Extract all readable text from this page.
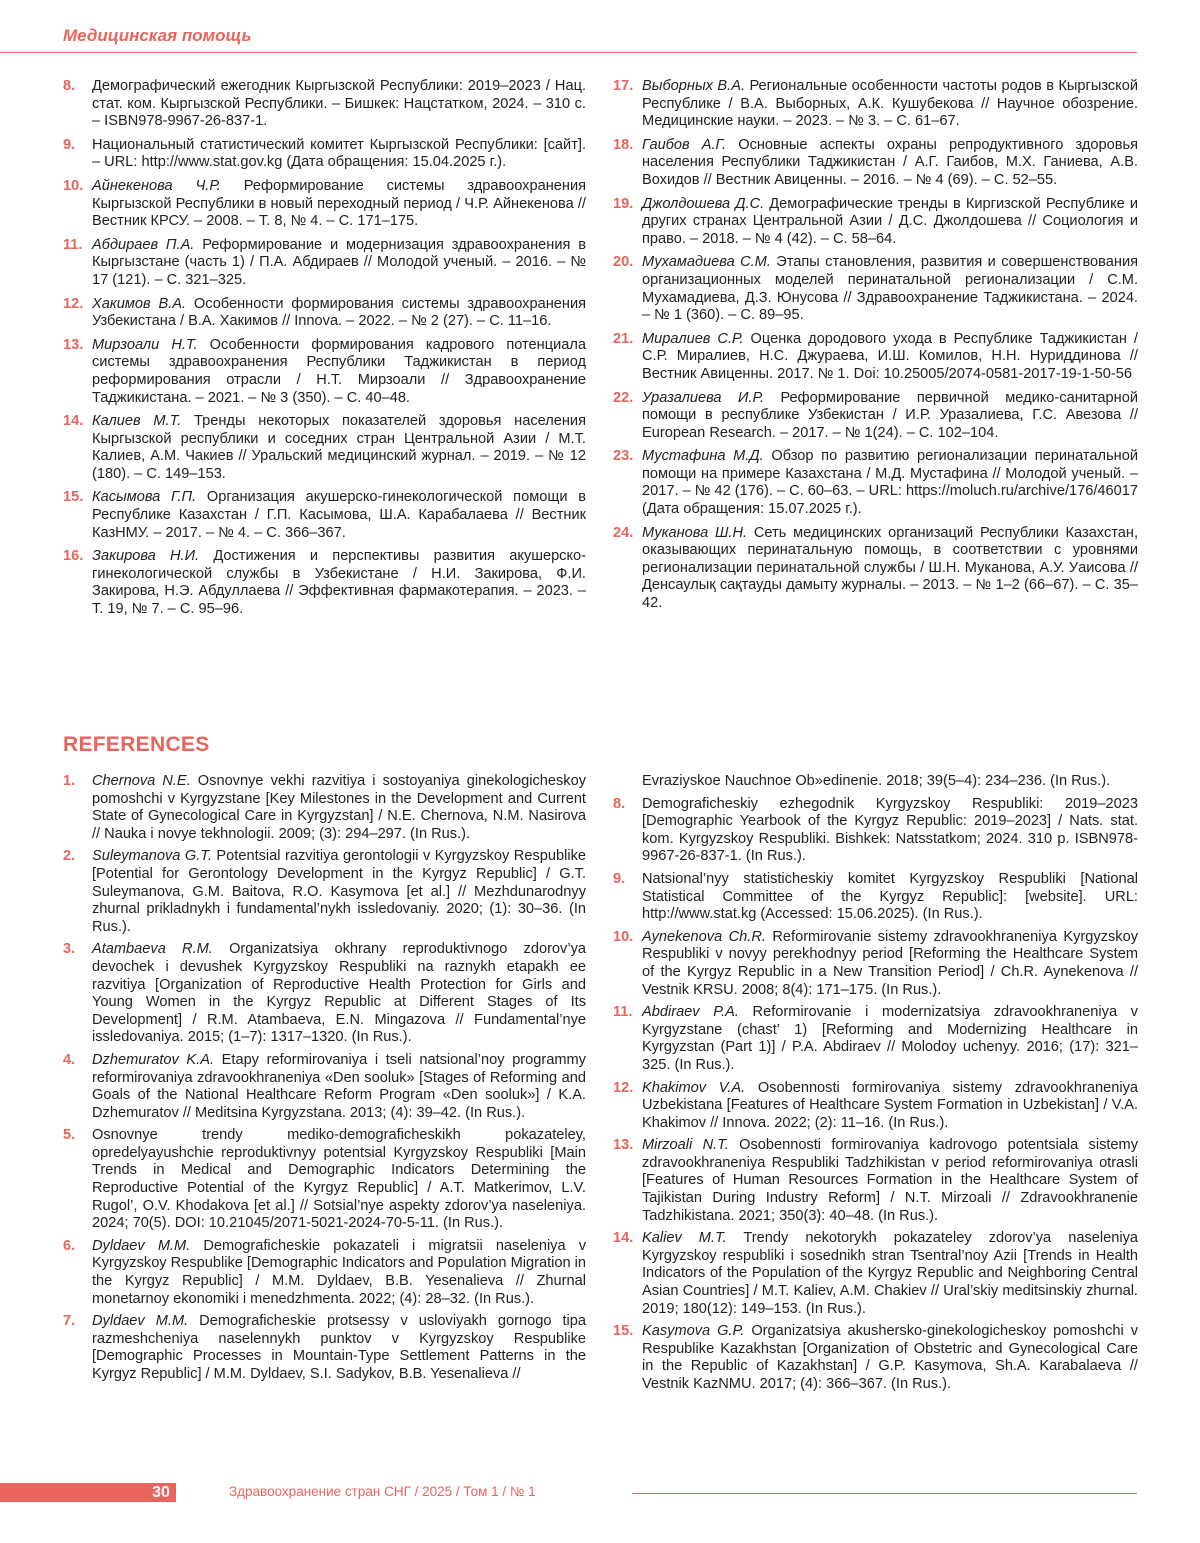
Медицинская помощь
8. Демографический ежегодник Кыргызской Республики: 2019–2023 / Нац. стат. ком. Кыргызской Республики. – Бишкек: Нацстатком, 2024. – 310 с. – ISBN978-9967-26-837-1.
9. Национальный статистический комитет Кыргызской Республики: [сайт]. – URL: http://www.stat.gov.kg (Дата обращения: 15.04.2025 г.).
10. Айнекенова Ч.Р. Реформирование системы здравоохранения Кыргызской Республики в новый переходный период / Ч.Р. Айнекенова // Вестник КРСУ. – 2008. – Т. 8, № 4. – С. 171–175.
11. Абдираев П.А. Реформирование и модернизация здравоохранения в Кыргызстане (часть 1) / П.А. Абдираев // Молодой ученый. – 2016. – № 17 (121). – С. 321–325.
12. Хакимов В.А. Особенности формирования системы здравоохранения Узбекистана / В.А. Хакимов // Innova. – 2022. – № 2 (27). – С. 11–16.
13. Мирзоали Н.Т. Особенности формирования кадрового потенциала системы здравоохранения Республики Таджикистан в период реформирования отрасли / Н.Т. Мирзоали // Здравоохранение Таджикистана. – 2021. – № 3 (350). – С. 40–48.
14. Калиев М.Т. Тренды некоторых показателей здоровья населения Кыргызской республики и соседних стран Центральной Азии / М.Т. Калиев, А.М. Чакиев // Уральский медицинский журнал. – 2019. – № 12 (180). – С. 149–153.
15. Касымова Г.П. Организация акушерско-гинекологической помощи в Республике Казахстан / Г.П. Касымова, Ш.А. Карабалаева // Вестник КазНМУ. – 2017. – № 4. – С. 366–367.
16. Закирова Н.И. Достижения и перспективы развития акушерско-гинекологической службы в Узбекистане / Н.И. Закирова, Ф.И. Закирова, Н.Э. Абдуллаева // Эффективная фармакотерапия. – 2023. – Т. 19, № 7. – С. 95–96.
17. Выборных В.А. Региональные особенности частоты родов в Кыргызской Республике / В.А. Выборных, А.К. Кушубекова // Научное обозрение. Медицинские науки. – 2023. – № 3. – С. 61–67.
18. Гаибов А.Г. Основные аспекты охраны репродуктивного здоровья населения Республики Таджикистан / А.Г. Гаибов, М.Х. Ганиева, А.В. Вохидов // Вестник Авиценны. – 2016. – № 4 (69). – С. 52–55.
19. Джолдошева Д.С. Демографические тренды в Киргизской Республике и других странах Центральной Азии / Д.С. Джолдошева // Социология и право. – 2018. – № 4 (42). – С. 58–64.
20. Мухамадиева С.М. Этапы становления, развития и совершенствования организационных моделей перинатальной регионализации / С.М. Мухамадиева, Д.З. Юнусова // Здравоохранение Таджикистана. – 2024. – № 1 (360). – С. 89–95.
21. Миралиев С.Р. Оценка дородового ухода в Республике Таджикистан / С.Р. Миралиев, Н.С. Джураева, И.Ш. Комилов, Н.Н. Нуриддинова // Вестник Авиценны. 2017. № 1. Doi: 10.25005/2074-0581-2017-19-1-50-56
22. Уразалиева И.Р. Реформирование первичной медико-санитарной помощи в республике Узбекистан / И.Р. Уразалиева, Г.С. Авезова // European Research. – 2017. – № 1(24). – С. 102–104.
23. Мустафина М.Д. Обзор по развитию регионализации перинатальной помощи на примере Казахстана / М.Д. Мустафина // Молодой ученый. – 2017. – № 42 (176). – С. 60–63. – URL: https://moluch.ru/archive/176/46017 (Дата обращения: 15.07.2025 г.).
24. Муканова Ш.Н. Сеть медицинских организаций Республики Казахстан, оказывающих перинатальную помощь, в соответствии с уровнями регионализации перинатальной службы / Ш.Н. Муканова, А.У. Уаисова // Денсаулық сақтауды дамыту журналы. – 2013. – № 1–2 (66–67). – С. 35–42.
REFERENCES
1. Chernova N.E. Osnovnye vekhi razvitiya i sostoyaniya ginekologicheskoy pomoshchi v Kyrgyzstane [Key Milestones in the Development and Current State of Gynecological Care in Kyrgyzstan] / N.E. Chernova, N.M. Nasirova // Nauka i novye tekhnologii. 2009; (3): 294–297. (In Rus.).
2. Suleymanova G.T. Potentsial razvitiya gerontologii v Kyrgyzskoy Respublike [Potential for Gerontology Development in the Kyrgyz Republic] / G.T. Suleymanova, G.M. Baitova, R.O. Kasymova [et al.] // Mezhdunarodnyy zhurnal prikladnykh i fundamental’nykh issledovaniy. 2020; (1): 30–36. (In Rus.).
3. Atambaeva R.M. Organizatsiya okhrany reproduktivnogo zdorov’ya devochek i devushek Kyrgyzskoy Respubliki na raznykh etapakh ee razvitiya [Organization of Reproductive Health Protection for Girls and Young Women in the Kyrgyz Republic at Different Stages of Its Development] / R.M. Atambaeva, E.N. Mingazova // Fundamental’nye issledovaniya. 2015; (1–7): 1317–1320. (In Rus.).
4. Dzhemuratov K.A. Etapy reformirovaniya i tseli natsional’noy programmy reformirovaniya zdravookhraneniya «Den sooluk» [Stages of Reforming and Goals of the National Healthcare Reform Program «Den sooluk»] / K.A. Dzhemuratov // Meditsina Kyrgyzstana. 2013; (4): 39–42. (In Rus.).
5. Osnovnye trendy mediko-demograficheskikh pokazateley, opredelyayushchie reproduktivnyy potentsial Kyrgyzskoy Respubliki [Main Trends in Medical and Demographic Indicators Determining the Reproductive Potential of the Kyrgyz Republic] / A.T. Matkerimov, L.V. Rugol’, O.V. Khodakova [et al.] // Sotsial’nye aspekty zdorov’ya naseleniya. 2024; 70(5). DOI: 10.21045/2071-5021-2024-70-5-11. (In Rus.).
6. Dyldaev M.M. Demograficheskie pokazateli i migratsii naseleniya v Kyrgyzskoy Respublike [Demographic Indicators and Population Migration in the Kyrgyz Republic] / M.M. Dyldaev, B.B. Yesenalieva // Zhurnal monetarnoy ekonomiki i menedzhmenta. 2022; (4): 28–32. (In Rus.).
7. Dyldaev M.M. Demograficheskie protsessy v usloviyakh gornogo tipa razmeshcheniya naselennykh punktov v Kyrgyzskoy Respublike [Demographic Processes in Mountain-Type Settlement Patterns in the Kyrgyz Republic] / M.M. Dyldaev, S.I. Sadykov, B.B. Yesenalieva //
Evraziyskoe Nauchnoe Ob»edinenie. 2018; 39(5–4): 234–236. (In Rus.).
8. Demograficheskiy ezhegodnik Kyrgyzskoy Respubliki: 2019–2023 [Demographic Yearbook of the Kyrgyz Republic: 2019–2023] / Nats. stat. kom. Kyrgyzskoy Respubliki. Bishkek: Natsstatkom; 2024. 310 p. ISBN978-9967-26-837-1. (In Rus.).
9. Natsional’nyy statisticheskiy komitet Kyrgyzskoy Respubliki [National Statistical Committee of the Kyrgyz Republic]: [website]. URL: http://www.stat.kg (Accessed: 15.06.2025). (In Rus.).
10. Aynekenova Ch.R. Reformirovanie sistemy zdravookhraneniya Kyrgyzskoy Respubliki v novyy perekhodnyy period [Reforming the Healthcare System of the Kyrgyz Republic in a New Transition Period] / Ch.R. Aynekenova // Vestnik KRSU. 2008; 8(4): 171–175. (In Rus.).
11. Abdiraev P.A. Reformirovanie i modernizatsiya zdravookhraneniya v Kyrgyzstane (chast’ 1) [Reforming and Modernizing Healthcare in Kyrgyzstan (Part 1)] / P.A. Abdiraev // Molodoy uchenyy. 2016; (17): 321–325. (In Rus.).
12. Khakimov V.A. Osobennosti formirovaniya sistemy zdravookhraneniya Uzbekistana [Features of Healthcare System Formation in Uzbekistan] / V.A. Khakimov // Innova. 2022; (2): 11–16. (In Rus.).
13. Mirzoali N.T. Osobennosti formirovaniya kadrovogo potentsiala sistemy zdravookhraneniya Respubliki Tadzhikistan v period reformirovaniya otrasli [Features of Human Resources Formation in the Healthcare System of Tajikistan During Industry Reform] / N.T. Mirzoali // Zdravookhranenie Tadzhikistana. 2021; 350(3): 40–48. (In Rus.).
14. Kaliev M.T. Trendy nekotorykh pokazateley zdorov’ya naseleniya Kyrgyzskoy respubliki i sosednikh stran Tsentral’noy Azii [Trends in Health Indicators of the Population of the Kyrgyz Republic and Neighboring Central Asian Countries] / M.T. Kaliev, A.M. Chakiev // Ural’skiy meditsinskiy zhurnal. 2019; 180(12): 149–153. (In Rus.).
15. Kasymova G.P. Organizatsiya akushersko-ginekologicheskoy pomoshchi v Respublike Kazakhstan [Organization of Obstetric and Gynecological Care in the Republic of Kazakhstan] / G.P. Kasymova, Sh.A. Karabalaeva // Vestnik KazNMU. 2017; (4): 366–367. (In Rus.).
30	Здравоохранение стран СНГ / 2025 / Том 1 / № 1
